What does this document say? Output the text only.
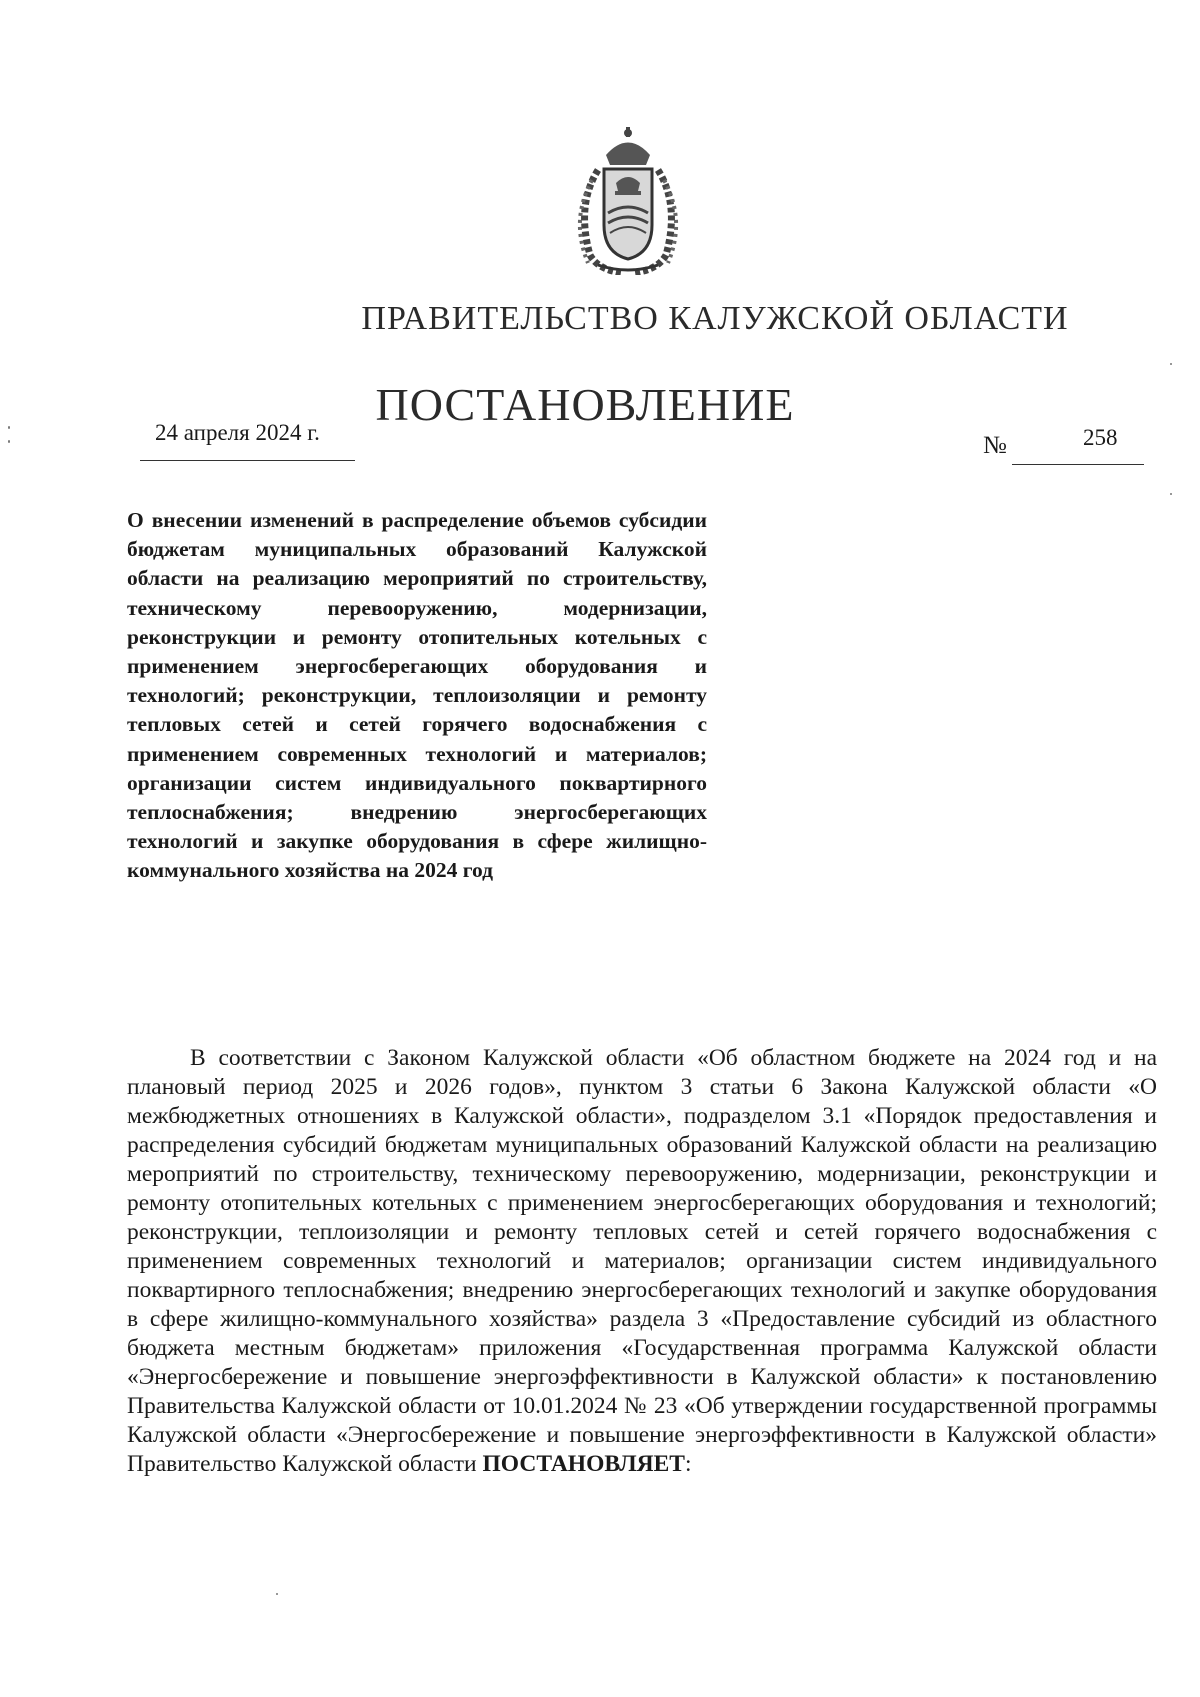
ПРАВИТЕЛЬСТВО КАЛУЖСКОЙ ОБЛАСТИ
ПОСТАНОВЛЕНИЕ
24 апреля 2024 г.	№	258
О внесении изменений в распределение объемов субсидии бюджетам муниципальных образований Калужской области на реализацию мероприятий по строительству, техническому перевооружению, модернизации, реконструкции и ремонту отопительных котельных с применением энергосберегающих оборудования и технологий; реконструкции, теплоизоляции и ремонту тепловых сетей и сетей горячего водоснабжения с применением современных технологий и материалов; организации систем индивидуального поквартирного теплоснабжения; внедрению энергосберегающих технологий и закупке оборудования в сфере жилищно-коммунального хозяйства на 2024 год
В соответствии с Законом Калужской области «Об областном бюджете на 2024 год и на плановый период 2025 и 2026 годов», пунктом 3 статьи 6 Закона Калужской области «О межбюджетных отношениях в Калужской области», подразделом 3.1 «Порядок предоставления и распределения субсидий бюджетам муниципальных образований Калужской области на реализацию мероприятий по строительству, техническому перевооружению, модернизации, реконструкции и ремонту отопительных котельных с применением энергосберегающих оборудования и технологий; реконструкции, теплоизоляции и ремонту тепловых сетей и сетей горячего водоснабжения с применением современных технологий и материалов; организации систем индивидуального поквартирного теплоснабжения; внедрению энергосберегающих технологий и закупке оборудования в сфере жилищно-коммунального хозяйства» раздела 3 «Предоставление субсидий из областного бюджета местным бюджетам» приложения «Государственная программа Калужской области «Энергосбережение и повышение энергоэффективности в Калужской области» к постановлению Правительства Калужской области от 10.01.2024 № 23 «Об утверждении государственной программы Калужской области «Энергосбережение и повышение энергоэффективности в Калужской области» Правительство Калужской области ПОСТАНОВЛЯЕТ:
